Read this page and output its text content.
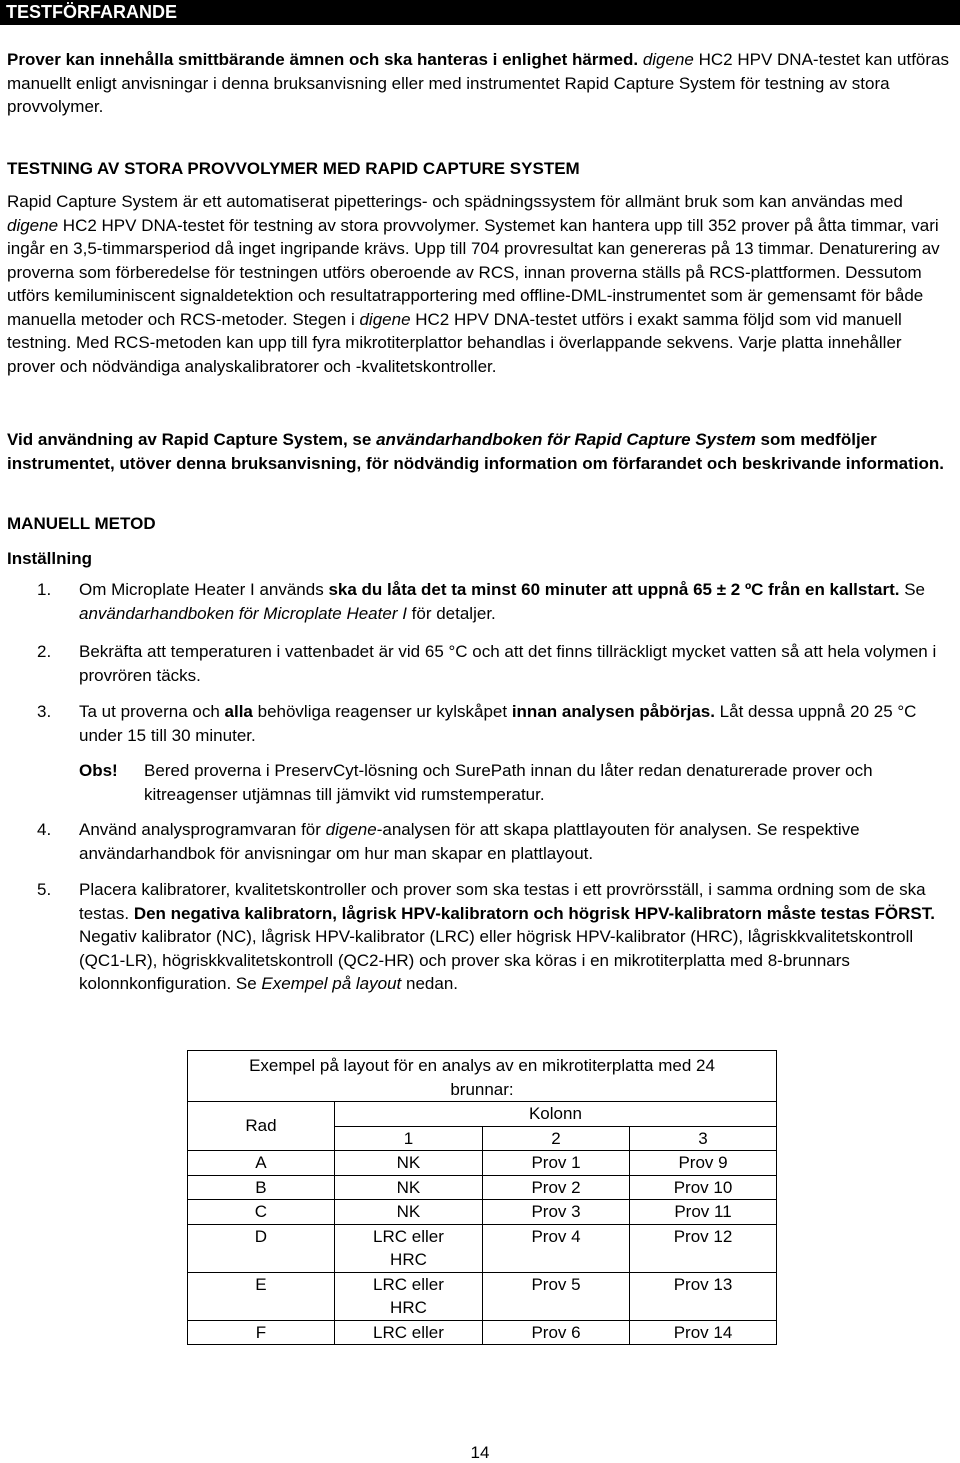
TESTFÖRFARANDE
Prover kan innehålla smittbärande ämnen och ska hanteras i enlighet härmed. digene HC2 HPV DNA-testet kan utföras manuellt enligt anvisningar i denna bruksanvisning eller med instrumentet Rapid Capture System för testning av stora provvolymer.
TESTNING AV STORA PROVVOLYMER MED RAPID CAPTURE SYSTEM
Rapid Capture System är ett automatiserat pipetterings- och spädningssystem för allmänt bruk som kan användas med digene HC2 HPV DNA-testet för testning av stora provvolymer. Systemet kan hantera upp till 352 prover på åtta timmar, vari ingår en 3,5-timmarsperiod då inget ingripande krävs. Upp till 704 provresultat kan genereras på 13 timmar. Denaturering av proverna som förberedelse för testningen utförs oberoende av RCS, innan proverna ställs på RCS-plattformen. Dessutom utförs kemiluminiscent signaldetektion och resultatrapportering med offline-DML-instrumentet som är gemensamt för både manuella metoder och RCS-metoder. Stegen i digene HC2 HPV DNA-testet utförs i exakt samma följd som vid manuell testning. Med RCS-metoden kan upp till fyra mikrotiterplattor behandlas i överlappande sekvens. Varje platta innehåller prover och nödvändiga analyskalibratorer och -kvalitetskontroller.
Vid användning av Rapid Capture System, se användarhandboken för Rapid Capture System som medföljer instrumentet, utöver denna bruksanvisning, för nödvändig information om förfarandet och beskrivande information.
MANUELL METOD
Inställning
1.	Om Microplate Heater I används ska du låta det ta minst 60 minuter att uppnå 65 ± 2 ºC från en kallstart. Se användarhandboken för Microplate Heater I för detaljer.
2.	Bekräfta att temperaturen i vattenbadet är vid 65 °C och att det finns tillräckligt mycket vatten så att hela volymen i provrören täcks.
3.	Ta ut proverna och alla behövliga reagenser ur kylskåpet innan analysen påbörjas. Låt dessa uppnå 20 25 °C under 15 till 30 minuter.
Obs! Bered proverna i PreservCyt-lösning och SurePath innan du låter redan denaturerade prover och kitreagenser utjämnas till jämvikt vid rumstemperatur.
4.	Använd analysprogramvaran för digene-analysen för att skapa plattlayouten för analysen. Se respektive användarhandbok för anvisningar om hur man skapar en plattlayout.
5.	Placera kalibratorer, kvalitetskontroller och prover som ska testas i ett provrörsställ, i samma ordning som de ska testas. Den negativa kalibratorn, lågrisk HPV-kalibratorn och högrisk HPV-kalibratorn måste testas FÖRST. Negativ kalibrator (NC), lågrisk HPV-kalibrator (LRC) eller högrisk HPV-kalibrator (HRC), lågriskkvalitetskontroll (QC1-LR), högriskkvalitetskontroll (QC2-HR) och prover ska köras i en mikrotiterplatta med 8-brunnars kolonnkonfiguration. Se Exempel på layout nedan.
Exempel på layout för en analys av en mikrotiterplatta med 24 brunnar:			
Rad	Kolonn		
	1	2	3
A	NK	Prov 1	Prov 9
B	NK	Prov 2	Prov 10
C	NK	Prov 3	Prov 11
D	LRC eller HRC	Prov 4	Prov 12
E	LRC eller HRC	Prov 5	Prov 13
F	LRC eller	Prov 6	Prov 14
14
